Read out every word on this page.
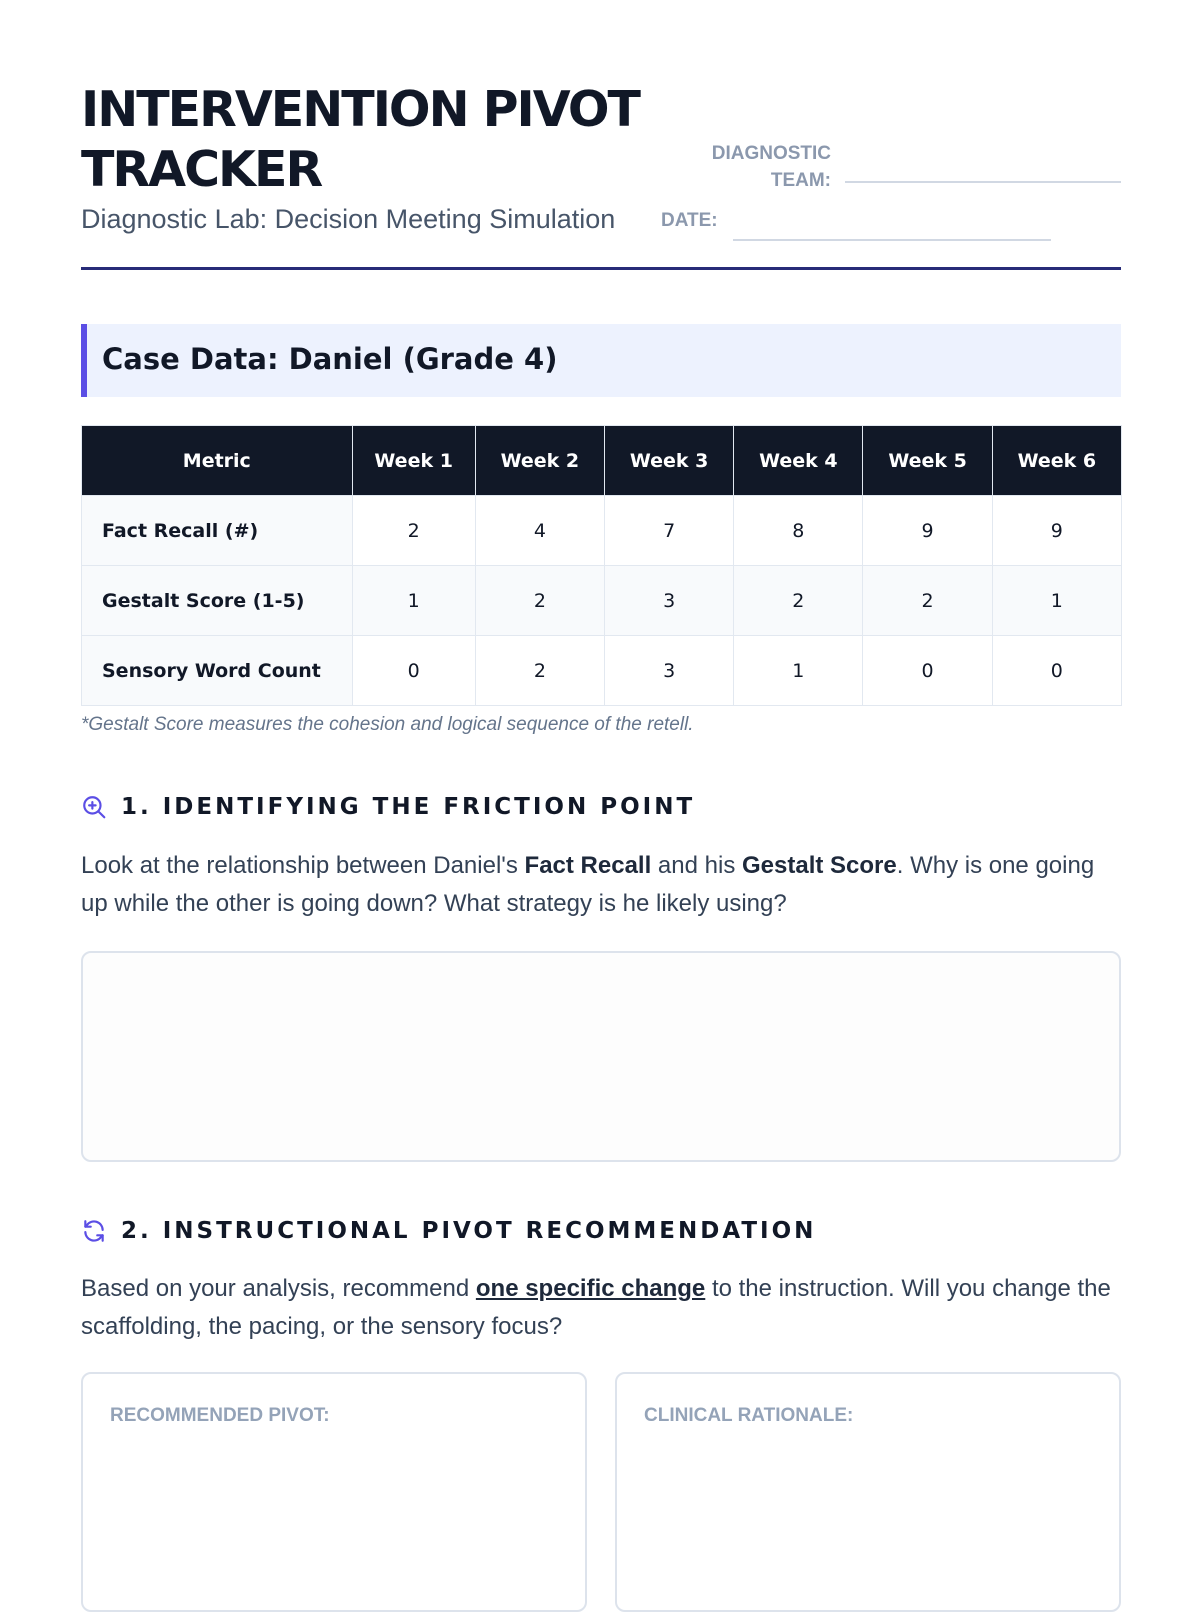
INTERVENTION PIVOT TRACKER

Diagnostic Lab: Decision Meeting Simulation

DIAGNOSTIC TEAM:
DATE:
Case Data: Daniel (Grade 4)
Metric	Week 1	Week 2	Week 3	Week 4	Week 5	Week 6
Fact Recall (#)	2	4	7	8	9	9
Gestalt Score (1-5)	1	2	3	2	2	1
Sensory Word Count	0	2	3	1	0	0
*Gestalt Score measures the cohesion and logical sequence of the retell.
1. IDENTIFYING THE FRICTION POINT

Look at the relationship between Daniel's Fact Recall and his Gestalt Score. Why is one going up while the other is going down? What strategy is he likely using?

2. INSTRUCTIONAL PIVOT RECOMMENDATION

Based on your analysis, recommend one specific change to the instruction. Will you change the scaffolding, the pacing, or the sensory focus?

RECOMMENDED PIVOT:	CLINICAL RATIONALE:
